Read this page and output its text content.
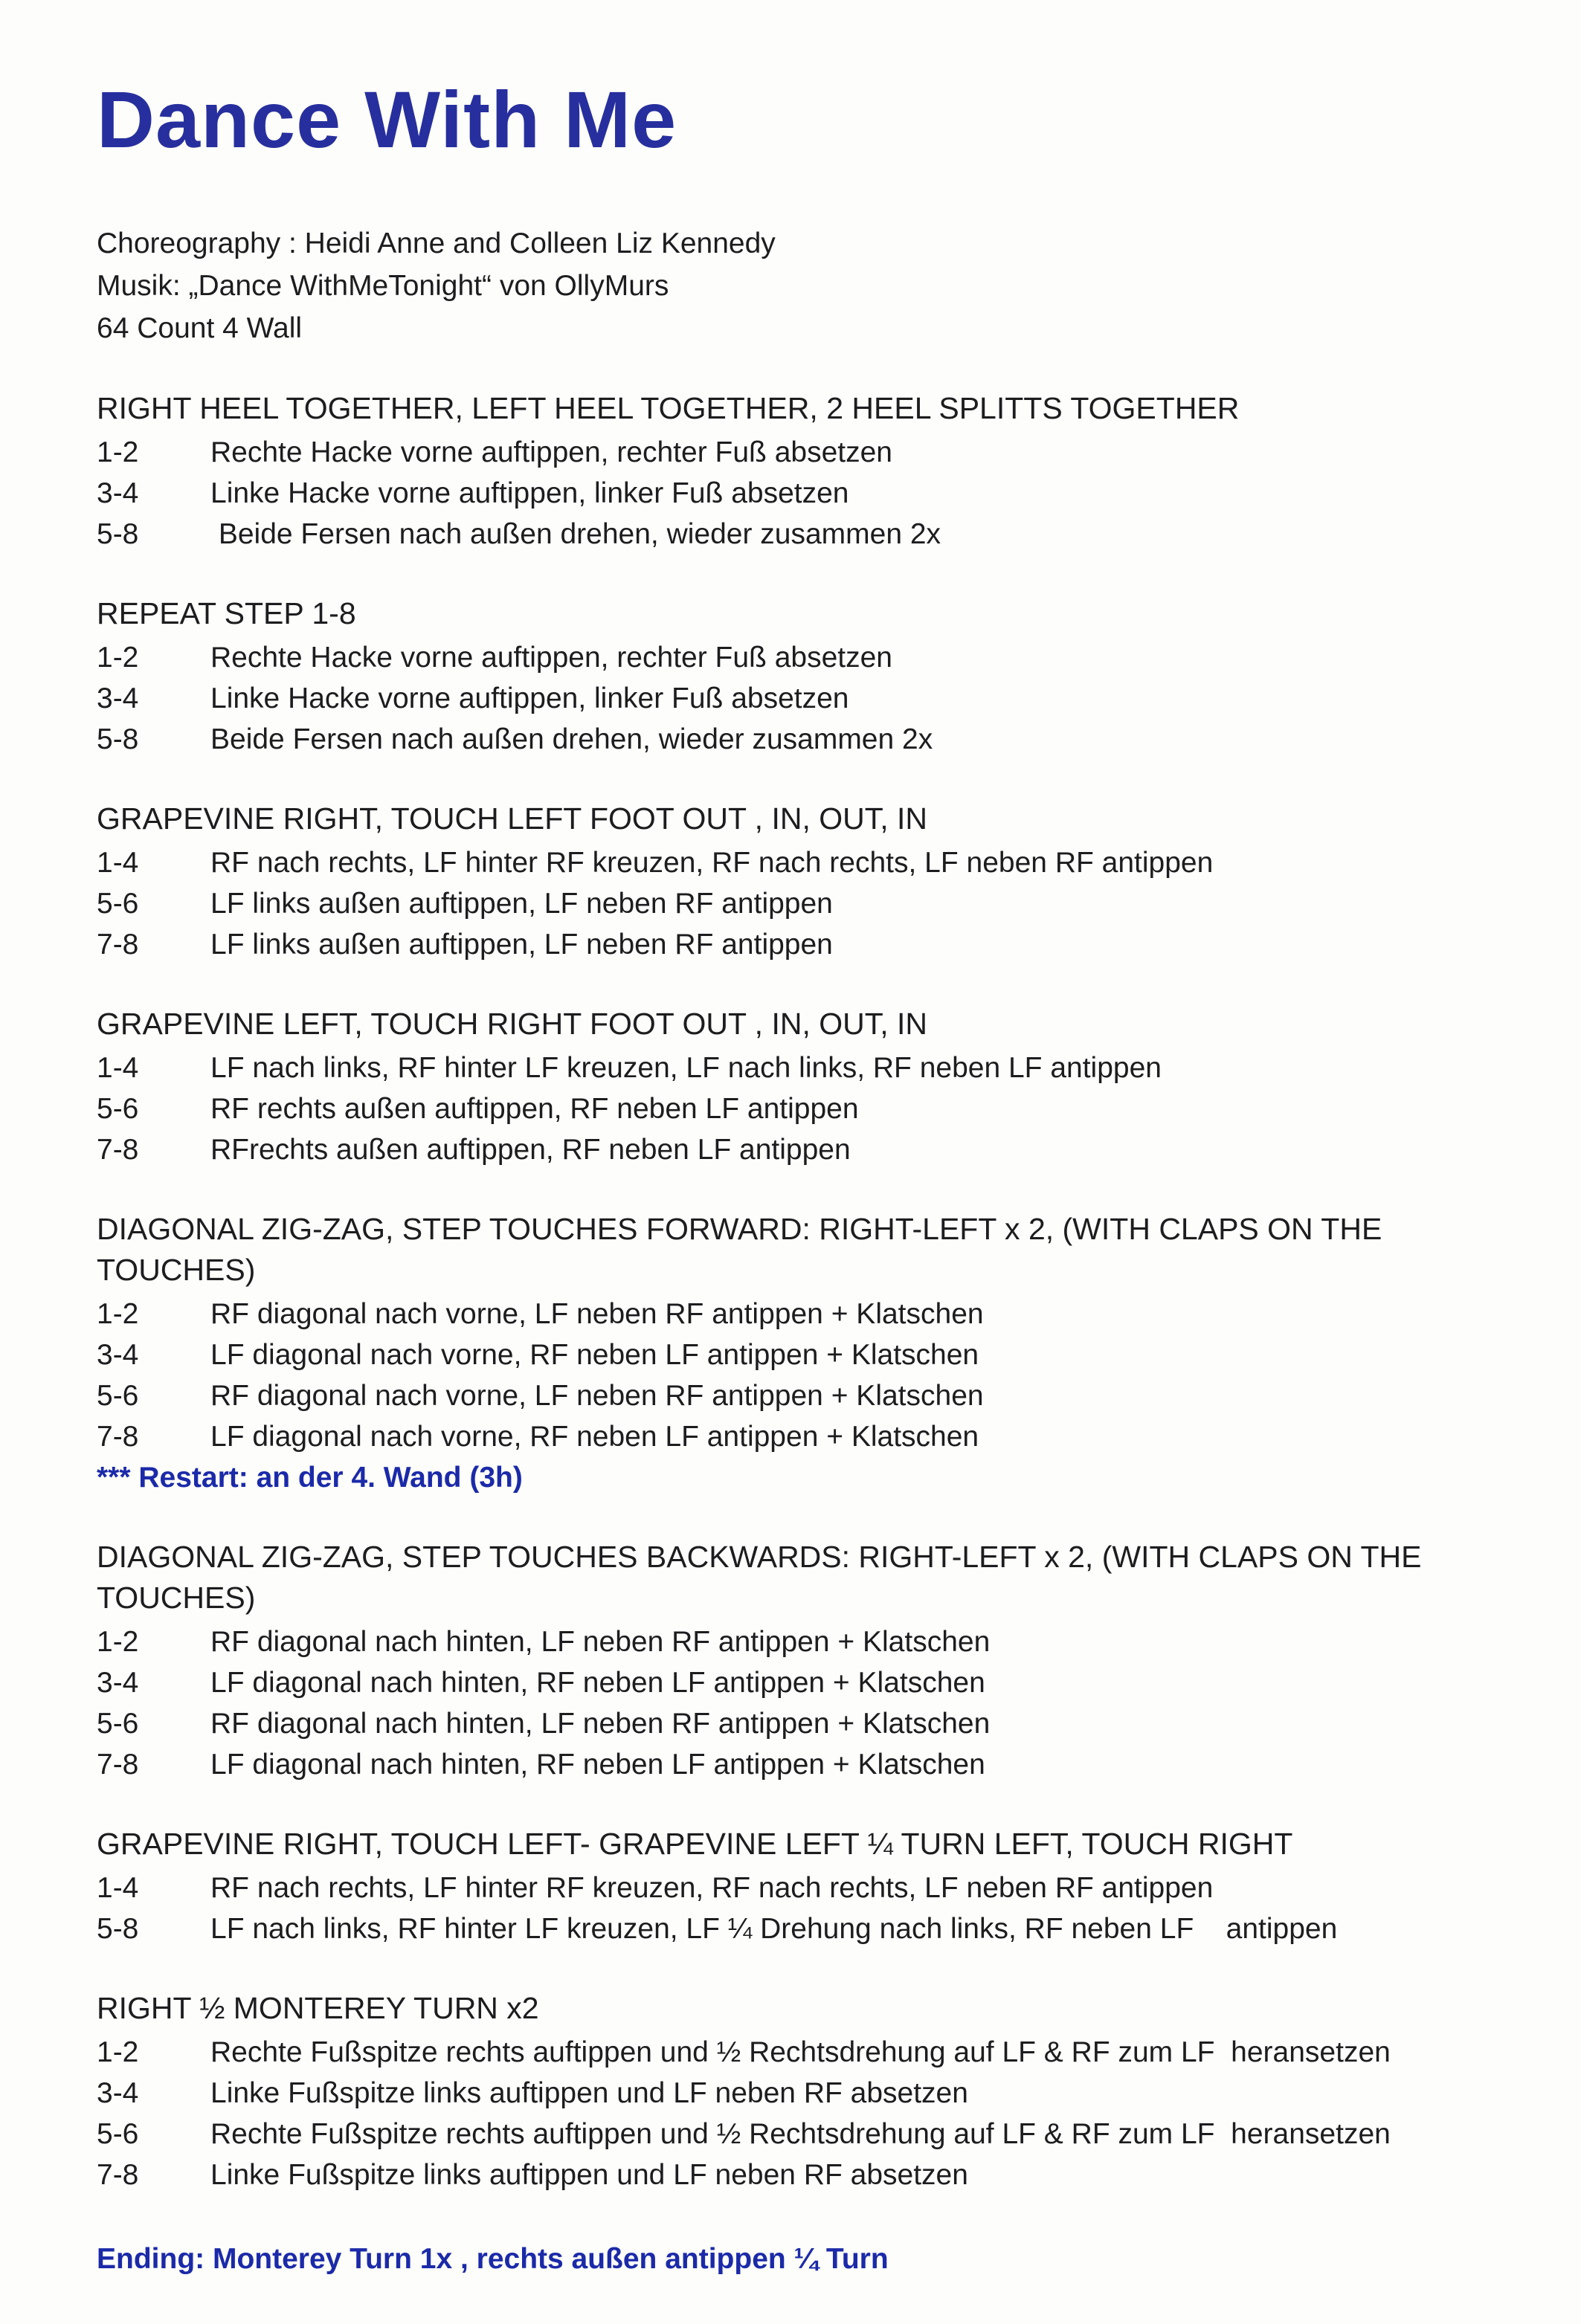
Dance With Me

Choreography : Heidi Anne and Colleen Liz Kennedy

Musik: „Dance WithMeTonight“ von OllyMurs

64 Count 4 Wall

RIGHT HEEL TOGETHER, LEFT HEEL TOGETHER, 2 HEEL SPLITTS TOGETHER
1-2	Rechte Hacke vorne auftippen, rechter Fuß absetzen
3-4	Linke Hacke vorne auftippen, linker Fuß absetzen
5-8	Beide Fersen nach außen drehen, wieder zusammen 2x
REPEAT STEP 1-8
1-2	Rechte Hacke vorne auftippen, rechter Fuß absetzen
3-4	Linke Hacke vorne auftippen, linker Fuß absetzen
5-8	Beide Fersen nach außen drehen, wieder zusammen 2x
GRAPEVINE RIGHT, TOUCH LEFT FOOT OUT , IN, OUT, IN
1-4	RF nach rechts, LF hinter RF kreuzen, RF nach rechts, LF neben RF antippen
5-6	LF links außen auftippen, LF neben RF antippen
7-8	LF links außen auftippen, LF neben RF antippen
GRAPEVINE LEFT, TOUCH RIGHT FOOT OUT , IN, OUT, IN
1-4	LF nach links, RF hinter LF kreuzen, LF nach links, RF neben LF antippen
5-6	RF rechts außen auftippen, RF neben LF antippen
7-8	RFrechts außen auftippen, RF neben LF antippen
DIAGONAL ZIG-ZAG, STEP TOUCHES FORWARD: RIGHT-LEFT x 2, (WITH CLAPS ON THE TOUCHES)
1-2	RF diagonal nach vorne, LF neben RF antippen + Klatschen
3-4	LF diagonal nach vorne, RF neben LF antippen + Klatschen
5-6	RF diagonal nach vorne, LF neben RF antippen + Klatschen
7-8	LF diagonal nach vorne, RF neben LF antippen + Klatschen

*** Restart: an der 4. Wand (3h)

DIAGONAL ZIG-ZAG, STEP TOUCHES BACKWARDS: RIGHT-LEFT x 2, (WITH CLAPS ON THE TOUCHES)
1-2	RF diagonal nach hinten, LF neben RF antippen + Klatschen
3-4	LF diagonal nach hinten, RF neben LF antippen + Klatschen
5-6	RF diagonal nach hinten, LF neben RF antippen + Klatschen
7-8	LF diagonal nach hinten, RF neben LF antippen + Klatschen
GRAPEVINE RIGHT, TOUCH LEFT- GRAPEVINE LEFT ¼ TURN LEFT, TOUCH RIGHT
1-4	RF nach rechts, LF hinter RF kreuzen, RF nach rechts, LF neben RF antippen
5-8	LF nach links, RF hinter LF kreuzen, LF ¼ Drehung nach links, RF neben LF    antippen
RIGHT ½ MONTEREY TURN x2
1-2	Rechte Fußspitze rechts auftippen und ½ Rechtsdrehung auf LF & RF zum LF  heransetzen
3-4	Linke Fußspitze links auftippen und LF neben RF absetzen
5-6	Rechte Fußspitze rechts auftippen und ½ Rechtsdrehung auf LF & RF zum LF  heransetzen
7-8	Linke Fußspitze links auftippen und LF neben RF absetzen

Ending: Monterey Turn 1x , rechts außen antippen ¼ Turn
